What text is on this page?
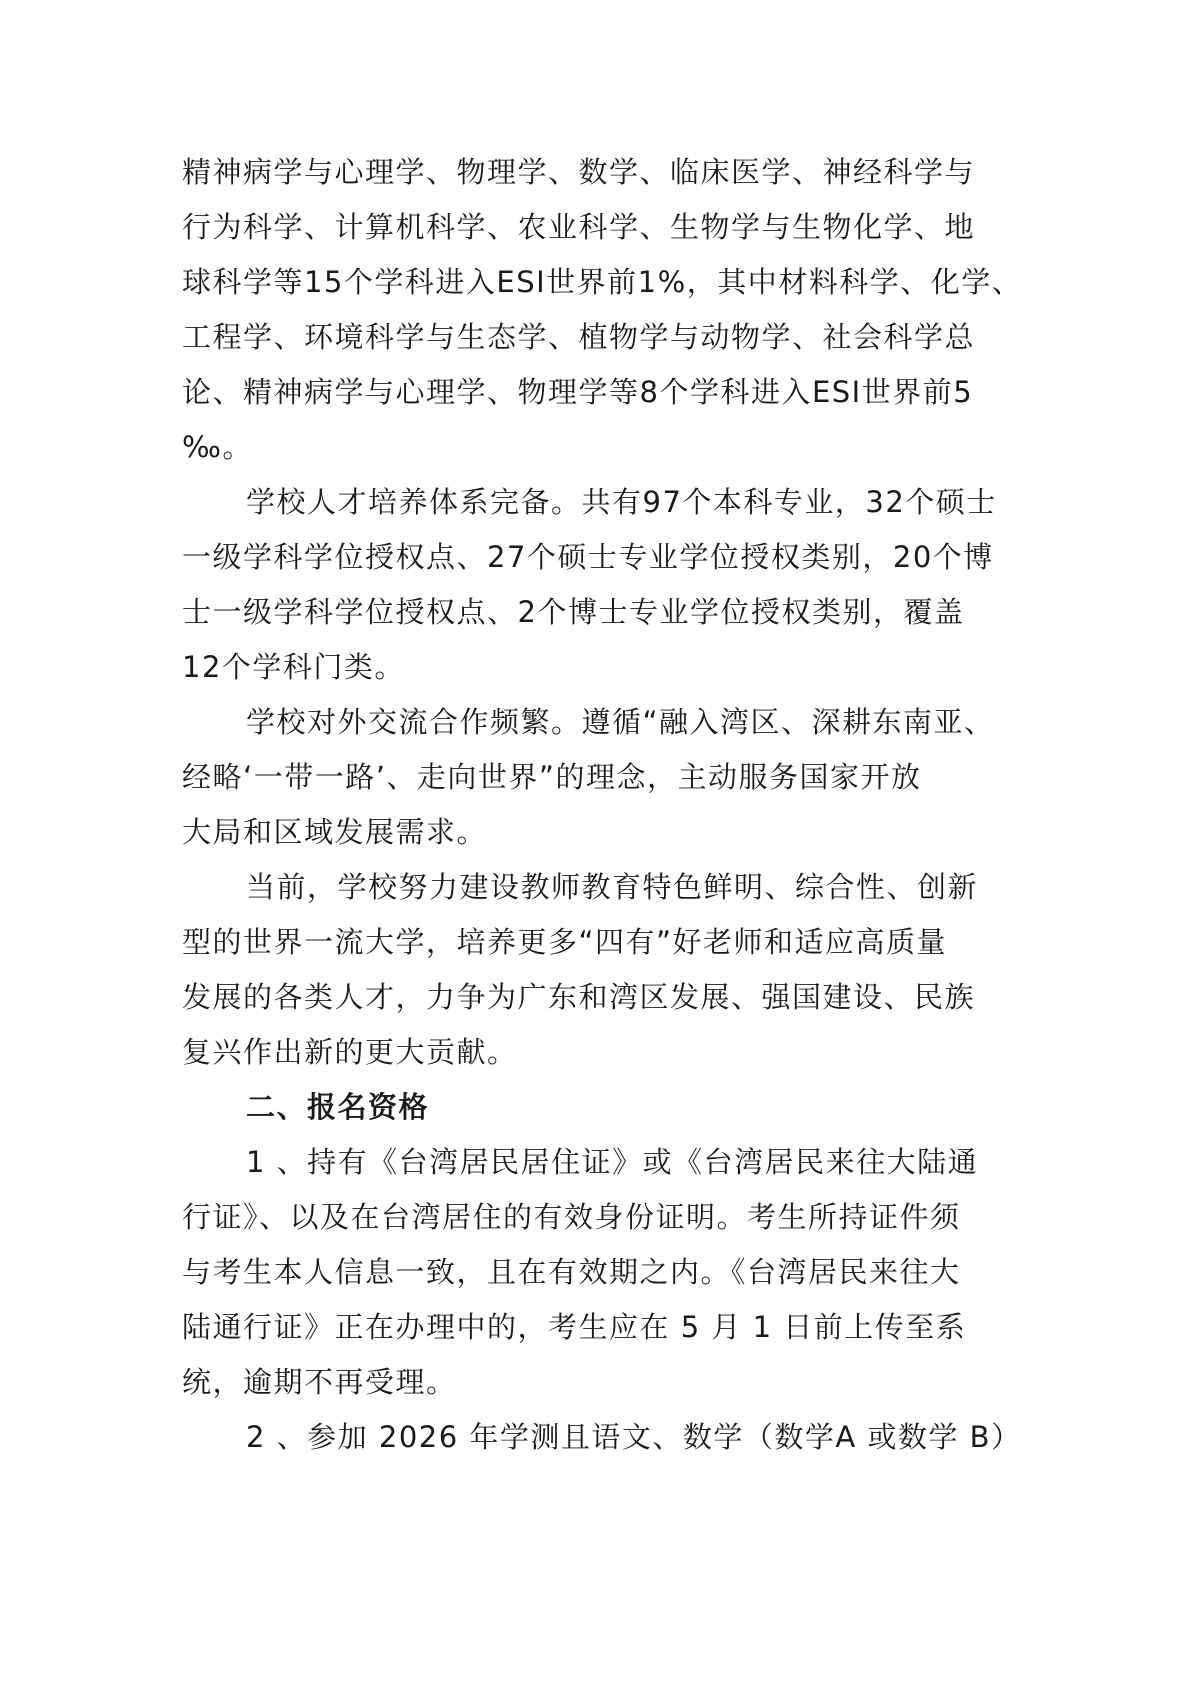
精神病学与心理学、物理学、数学、临床医学、神经科学与
行为科学、计算机科学、农业科学、生物学与生物化学、地
球科学等15个学科进入ESI世界前1%，其中材料科学、化学、
工程学、环境科学与生态学、植物学与动物学、社会科学总
论、精神病学与心理学、物理学等8个学科进入ESI世界前5
‰。
学校人才培养体系完备。共有97个本科专业，32个硕士
一级学科学位授权点、27个硕士专业学位授权类别，20个博
士一级学科学位授权点、2个博士专业学位授权类别，覆盖
12个学科门类。
学校对外交流合作频繁。遵循“融入湾区、深耕东南亚、
经略‘一带一路’、走向世界”的理念，主动服务国家开放
大局和区域发展需求。
当前，学校努力建设教师教育特色鲜明、综合性、创新
型的世界一流大学，培养更多“四有”好老师和适应高质量
发展的各类人才，力争为广东和湾区发展、强国建设、民族
复兴作出新的更大贡献。
二、报名资格
1 、持有《台湾居民居住证》或《台湾居民来往大陆通
行证》、以及在台湾居住的有效身份证明。考生所持证件须
与考生本人信息一致，且在有效期之内。《台湾居民来往大
陆通行证》正在办理中的，考生应在 5 月 1 日前上传至系
统，逾期不再受理。
2 、参加 2026 年学测且语文、数学（数学A 或数学 B）
